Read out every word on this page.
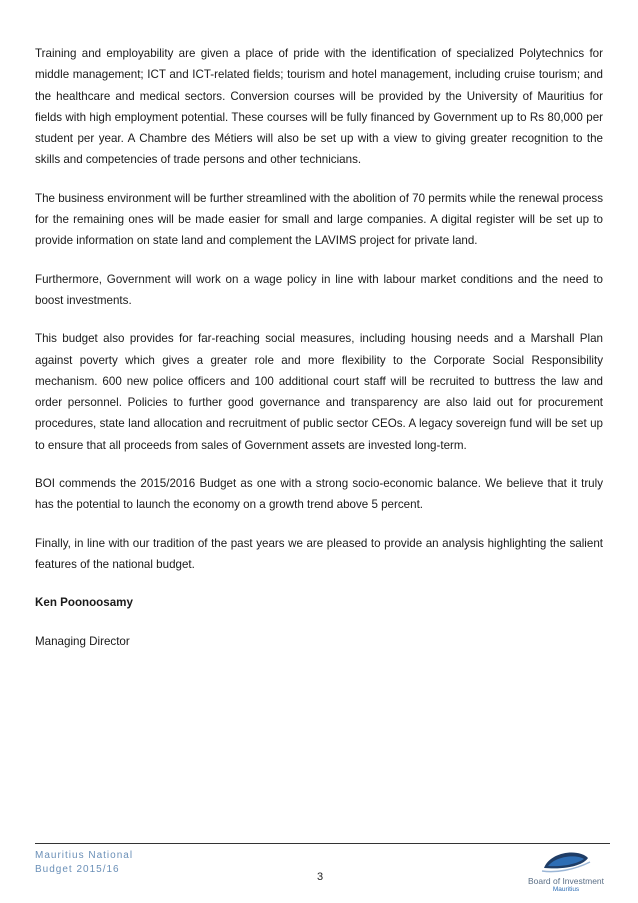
Training and employability are given a place of pride with the identification of specialized Polytechnics for middle management; ICT and ICT-related fields; tourism and hotel management, including cruise tourism; and the healthcare and medical sectors. Conversion courses will be provided by the University of Mauritius for fields with high employment potential. These courses will be fully financed by Government up to Rs 80,000 per student per year. A Chambre des Métiers will also be set up with a view to giving greater recognition to the skills and competencies of trade persons and other technicians.

The business environment will be further streamlined with the abolition of 70 permits while the renewal process for the remaining ones will be made easier for small and large companies. A digital register will be set up to provide information on state land and complement the LAVIMS project for private land.

Furthermore, Government will work on a wage policy in line with labour market conditions and the need to boost investments.

This budget also provides for far-reaching social measures, including housing needs and a Marshall Plan against poverty which gives a greater role and more flexibility to the Corporate Social Responsibility mechanism. 600 new police officers and 100 additional court staff will be recruited to buttress the law and order personnel. Policies to further good governance and transparency are also laid out for procurement procedures, state land allocation and recruitment of public sector CEOs. A legacy sovereign fund will be set up to ensure that all proceeds from sales of Government assets are invested long-term.

BOI commends the 2015/2016 Budget as one with a strong socio-economic balance. We believe that it truly has the potential to launch the economy on a growth trend above 5 percent.

Finally, in line with our tradition of the past years we are pleased to provide an analysis highlighting the salient features of the national budget.

Ken Poonoosamy

Managing Director

Mauritius National
Budget 2015/16
3	Board of Investment
Mauritius
